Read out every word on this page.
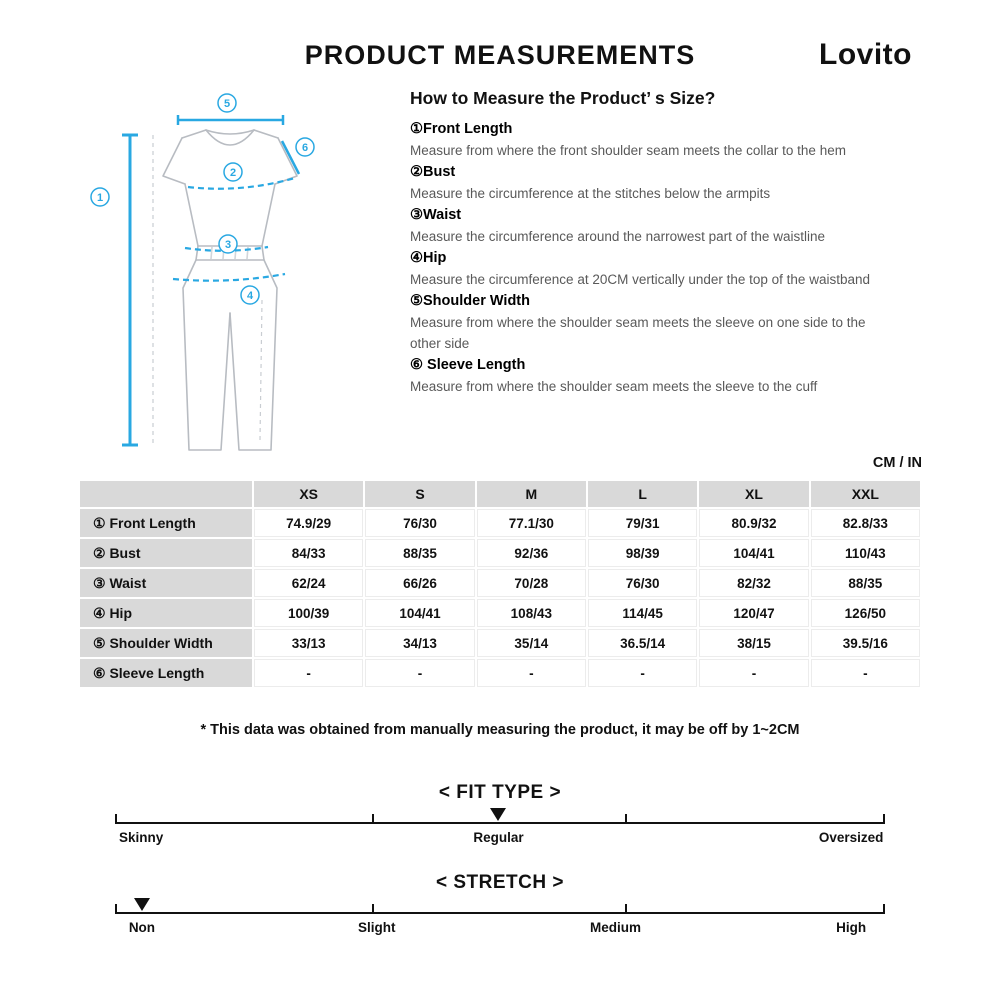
PRODUCT MEASUREMENTS	Lovito
1
2
3
4
5
6
How to Measure the Product’ s Size?
①Front Length
Measure from where the front shoulder seam meets the collar to the hem
②Bust
Measure the circumference at the stitches below the armpits
③Waist
Measure the circumference around the narrowest part of the waistline
④Hip
Measure the circumference at 20CM vertically under the top of the waistband
⑤Shoulder Width
Measure from where the shoulder seam meets the sleeve on one side to the other side
⑥ Sleeve Length
Measure from where the shoulder seam meets the sleeve to the cuff
CM / IN
	XS	S	M	L	XL	XXL
① Front Length	74.9/29	76/30	77.1/30	79/31	80.9/32	82.8/33
② Bust	84/33	88/35	92/36	98/39	104/41	110/43
③ Waist	62/24	66/26	70/28	76/30	82/32	88/35
④ Hip	100/39	104/41	108/43	114/45	120/47	126/50
⑤ Shoulder Width	33/13	34/13	35/14	36.5/14	38/15	39.5/16
⑥ Sleeve Length	-	-	-	-	-	-
* This data was obtained from manually measuring the product, it may be off by 1~2CM
< FIT TYPE >
Skinny	Regular	Oversized
< STRETCH >
Non	Slight	Medium	High
